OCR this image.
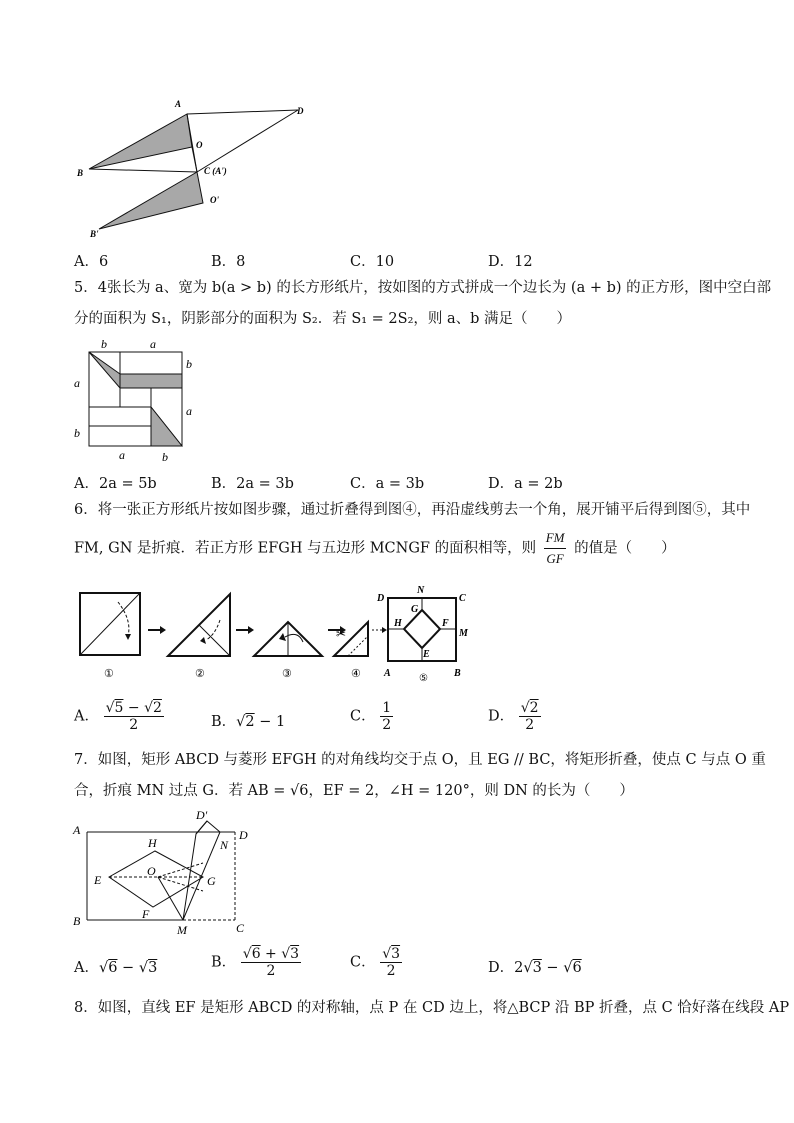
A
D
O
B	C (A')
B'
O'
A．6	B．8	C．10	D．12
5．4张长为 a、宽为 b(a > b) 的长方形纸片，按如图的方式拼成一个边长为 (a + b) 的正方形，图中空白部
分的面积为 S₁，阴影部分的面积为 S₂．若 S₁ = 2S₂，则 a、b 满足（　　）
b	a
a
b
b
a
a	b
A．2a = 5b	B．2a = 3b	C．a = 3b	D．a = 2b
6．将一张正方形纸片按如图步骤，通过折叠得到图④，再沿虚线剪去一个角，展开铺平后得到图⑤，其中
FM, GN 是折痕．若正方形 EFGH 与五边形 MCNGF 的面积相等，则 $\frac{FM}{GF}$ 的值是（　　）
✂
①	②	③	④	⑤
D
N
C
G
H	F
M
E
A	B
A． $\frac{√5 - √2}{2}$	B．√2 − 1	C． $\frac{1}{2}$	D． $\frac{√2}{2}$
7．如图，矩形 ABCD 与菱形 EFGH 的对角线均交于点 O，且 EG // BC，将矩形折叠，使点 C 与点 O 重
合，折痕 MN 过点 G．若 AB = √6，EF = 2，∠H = 120°，则 DN 的长为（　　）
A
D'
D
H	N
O
E	G
F
B
M	C
A．√6 − √3	B． $\frac{√6 + √3}{2}$	C． $\frac{√3}{2}$	D．2√3 − √6
8．如图，直线 EF 是矩形 ABCD 的对称轴，点 P 在 CD 边上，将△BCP 沿 BP 折叠，点 C 恰好落在线段 AP
